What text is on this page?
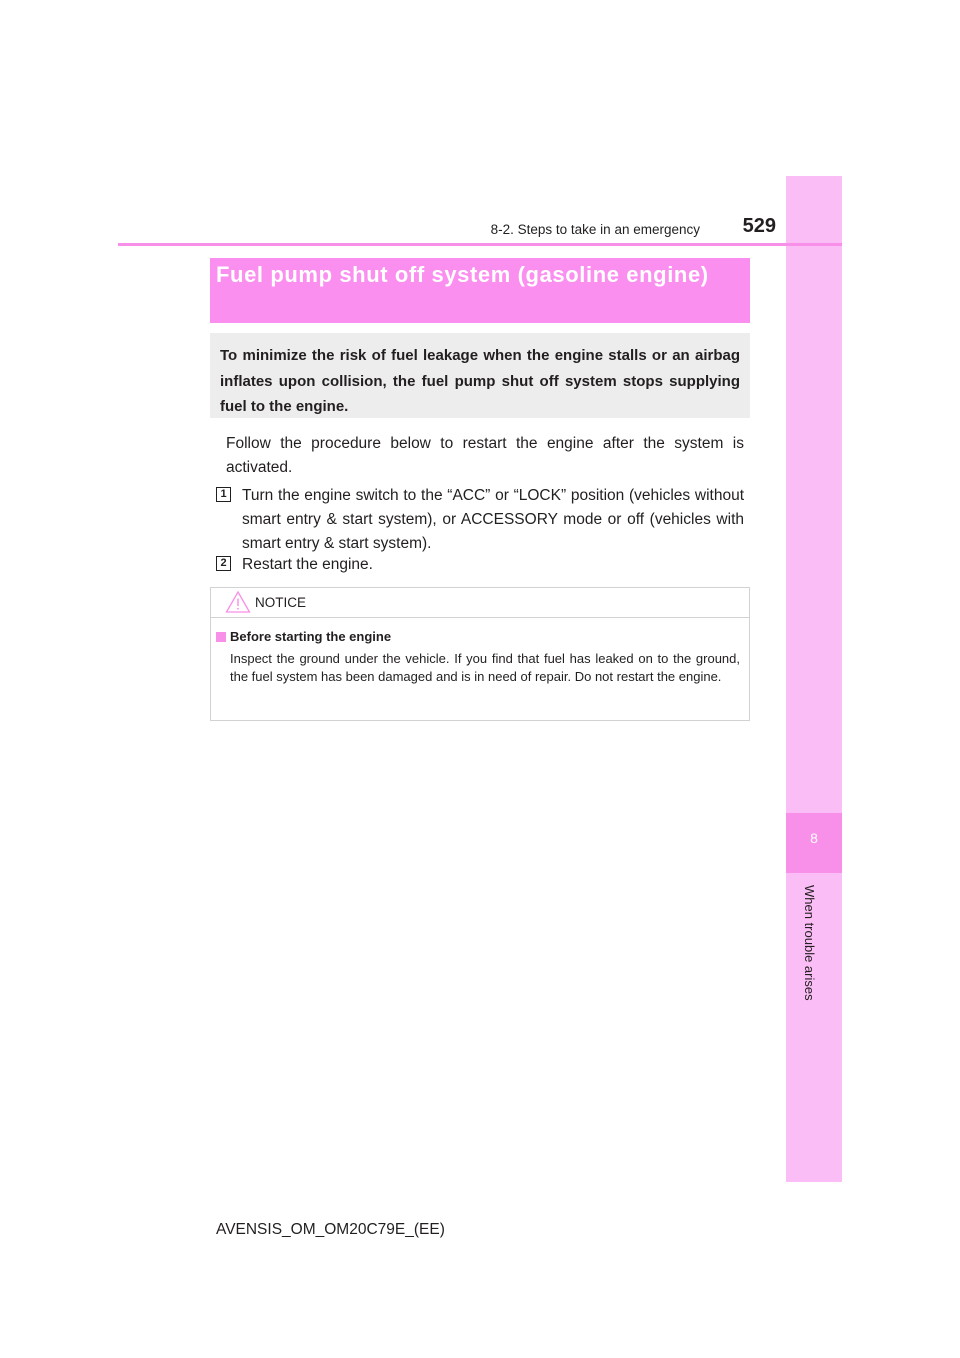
8
When trouble arises
8-2. Steps to take in an emergency	529
Fuel pump shut off system (gasoline engine)
To minimize the risk of fuel leakage when the engine stalls or an airbag inflates upon collision, the fuel pump shut off system stops supplying fuel to the engine.
Follow the procedure below to restart the engine after the system is activated.
1 Turn the engine switch to the “ACC” or “LOCK” position (vehicles without smart entry & start system), or ACCESSORY mode or off (vehicles with smart entry & start system).
2 Restart the engine.
NOTICE
Before starting the engine
Inspect the ground under the vehicle. If you find that fuel has leaked on to the ground, the fuel system has been damaged and is in need of repair. Do not restart the engine.
AVENSIS_OM_OM20C79E_(EE)
